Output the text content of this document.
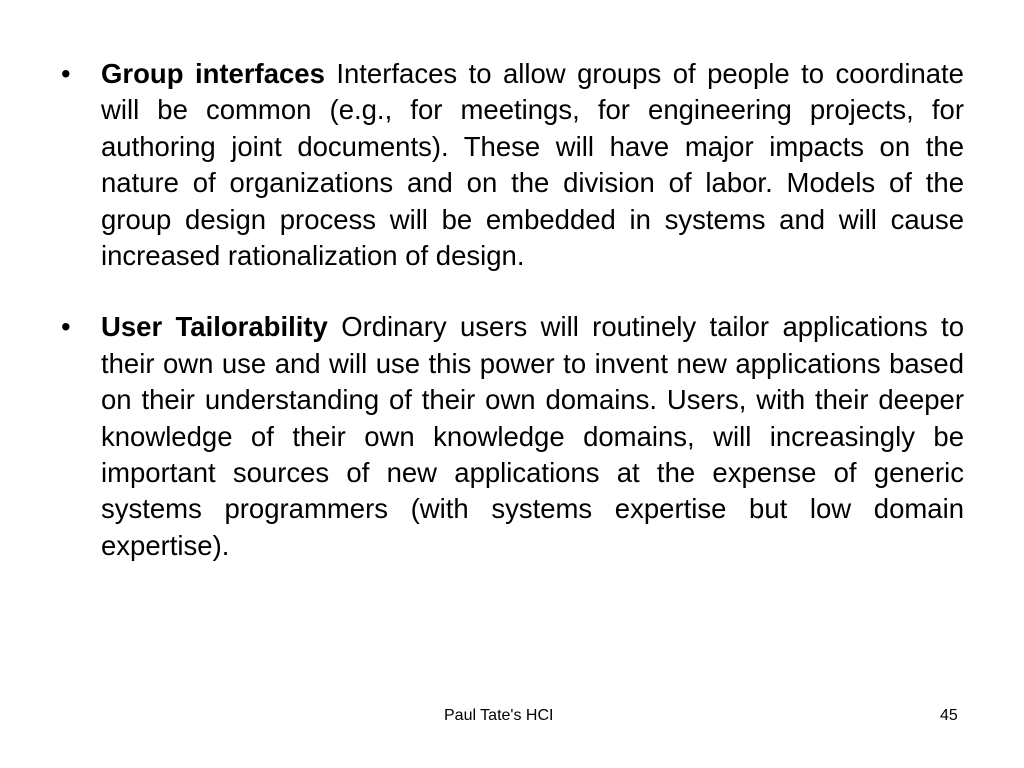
• Group interfaces Interfaces to allow groups of people to coordinate will be common (e.g., for meetings, for engineering projects, for authoring joint documents). These will have major impacts on the nature of organizations and on the division of labor. Models of the group design process will be embedded in systems and will cause increased rationalization of design.
• User Tailorability Ordinary users will routinely tailor applications to their own use and will use this power to invent new applications based on their understanding of their own domains. Users, with their deeper knowledge of their own knowledge domains, will increasingly be important sources of new applications at the expense of generic systems programmers (with systems expertise but low domain expertise).
Paul Tate's HCI	45
